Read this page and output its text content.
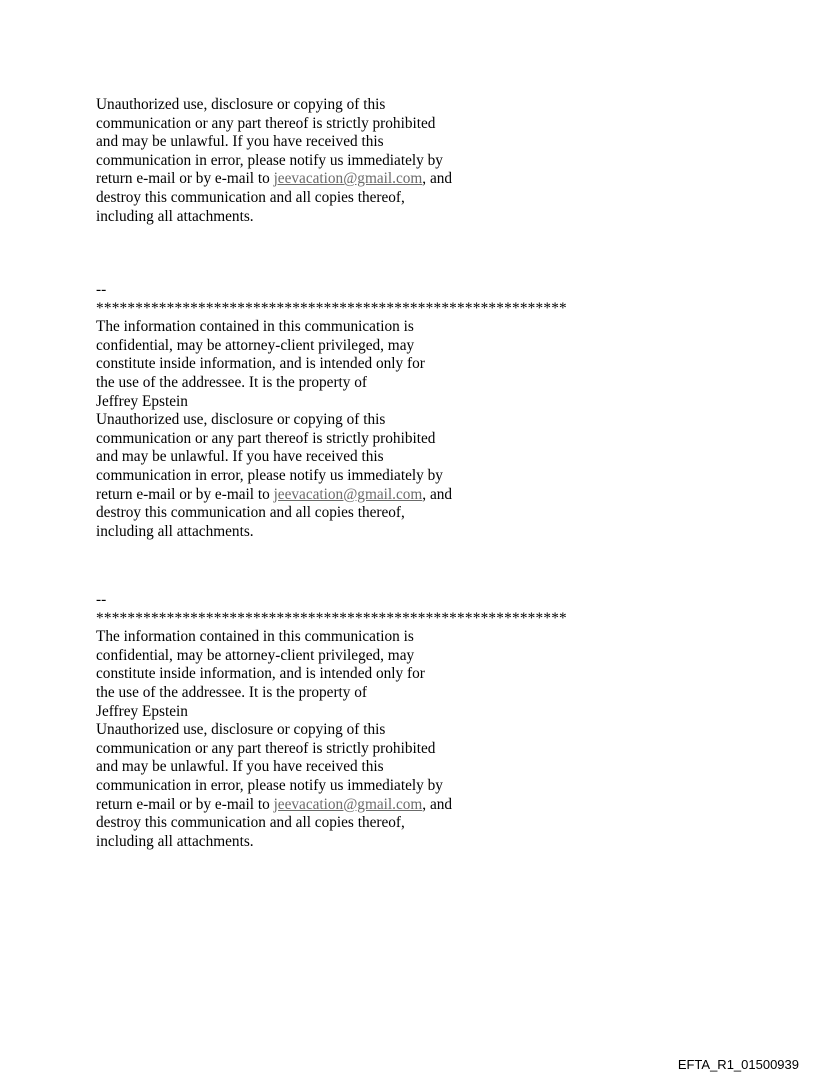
Unauthorized use, disclosure or copying of this
communication or any part thereof is strictly prohibited
and may be unlawful. If you have received this
communication in error, please notify us immediately by
return e-mail or by e-mail to jeevacation@gmail.com, and
destroy this communication and all copies thereof,
including all attachments.
--
************************************************************
The information contained in this communication is
confidential, may be attorney-client privileged, may
constitute inside information, and is intended only for
the use of the addressee. It is the property of
Jeffrey Epstein
Unauthorized use, disclosure or copying of this
communication or any part thereof is strictly prohibited
and may be unlawful. If you have received this
communication in error, please notify us immediately by
return e-mail or by e-mail to jeevacation@gmail.com, and
destroy this communication and all copies thereof,
including all attachments.
--
************************************************************
The information contained in this communication is
confidential, may be attorney-client privileged, may
constitute inside information, and is intended only for
the use of the addressee. It is the property of
Jeffrey Epstein
Unauthorized use, disclosure or copying of this
communication or any part thereof is strictly prohibited
and may be unlawful. If you have received this
communication in error, please notify us immediately by
return e-mail or by e-mail to jeevacation@gmail.com, and
destroy this communication and all copies thereof,
including all attachments.
EFTA_R1_01500939
